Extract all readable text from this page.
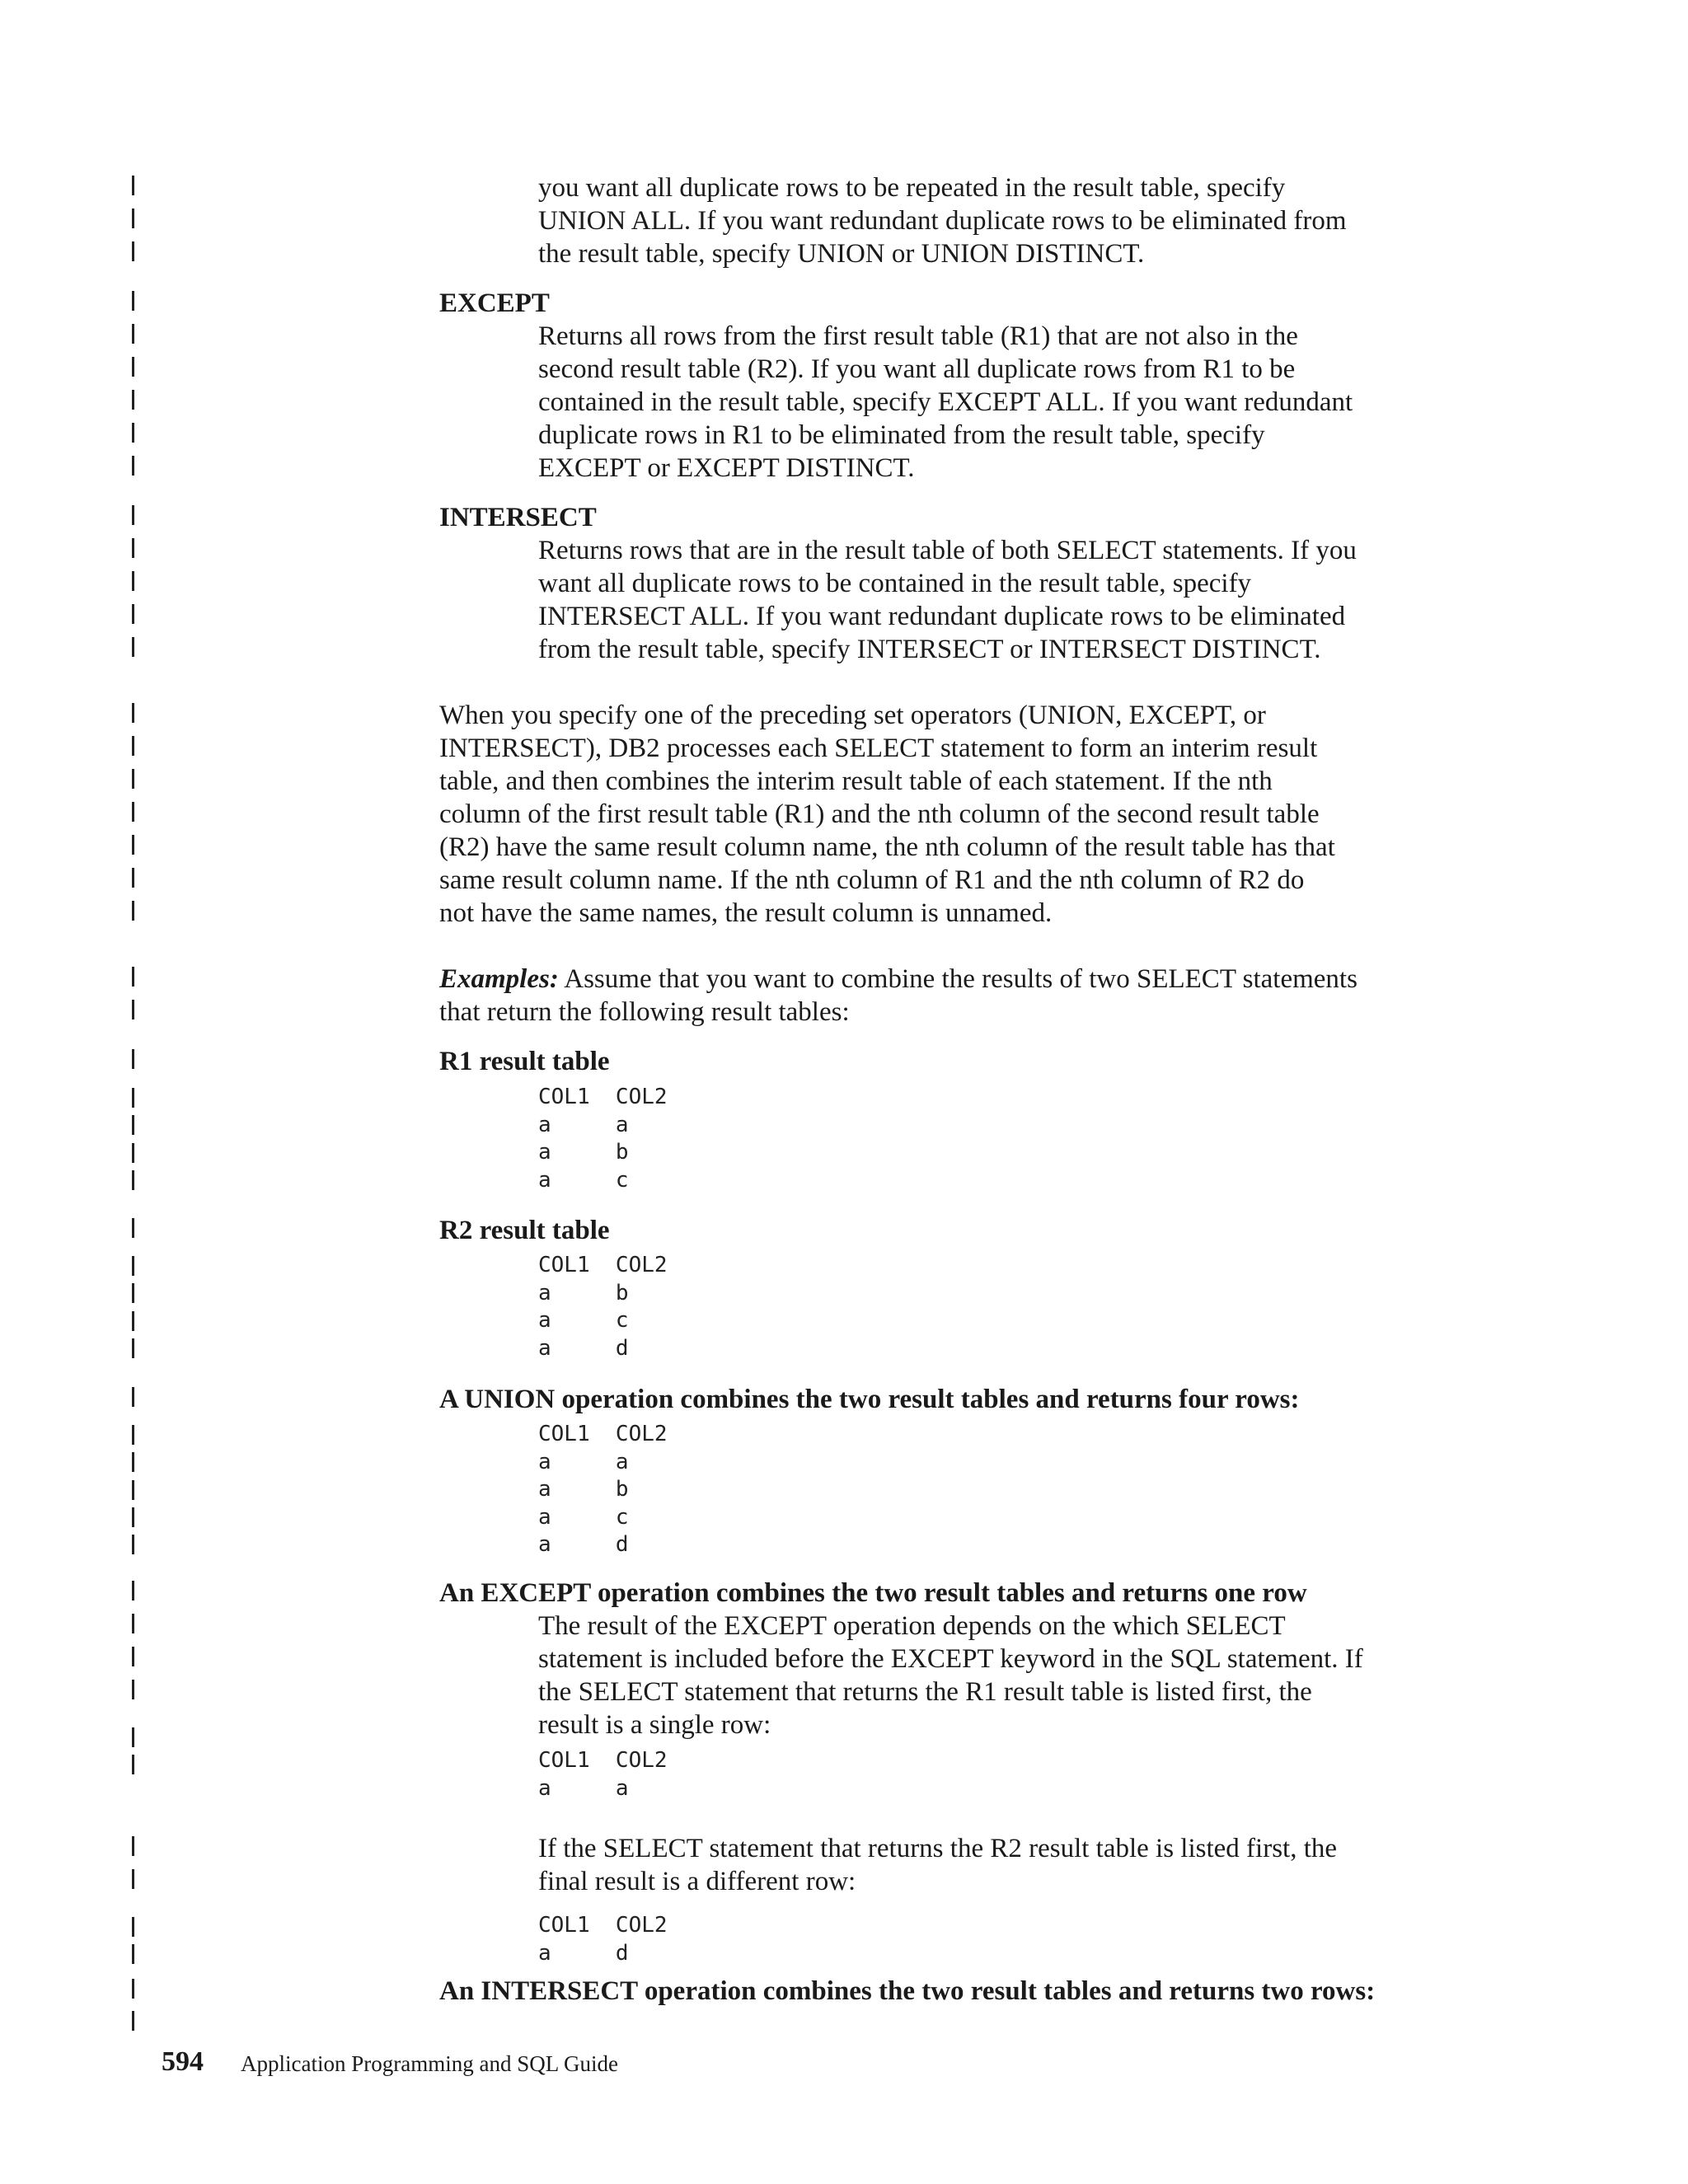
you want all duplicate rows to be repeated in the result table, specify

UNION ALL. If you want redundant duplicate rows to be eliminated from

the result table, specify UNION or UNION DISTINCT.

EXCEPT

Returns all rows from the first result table (R1) that are not also in the

second result table (R2). If you want all duplicate rows from R1 to be

contained in the result table, specify EXCEPT ALL. If you want redundant

duplicate rows in R1 to be eliminated from the result table, specify

EXCEPT or EXCEPT DISTINCT.

INTERSECT

Returns rows that are in the result table of both SELECT statements. If you

want all duplicate rows to be contained in the result table, specify

INTERSECT ALL. If you want redundant duplicate rows to be eliminated

from the result table, specify INTERSECT or INTERSECT DISTINCT.

When you specify one of the preceding set operators (UNION, EXCEPT, or

INTERSECT), DB2 processes each SELECT statement to form an interim result

table, and then combines the interim result table of each statement. If the nth

column of the first result table (R1) and the nth column of the second result table

(R2) have the same result column name, the nth column of the result table has that

same result column name. If the nth column of R1 and the nth column of R2 do

not have the same names, the result column is unnamed.

Examples: Assume that you want to combine the results of two SELECT statements

that return the following result tables:

R1 result table

COL1  COL2
a     a
a     b
a     c

R2 result table

COL1  COL2
a     b
a     c
a     d

A UNION operation combines the two result tables and returns four rows:

COL1  COL2
a     a
a     b
a     c
a     d

An EXCEPT operation combines the two result tables and returns one row

The result of the EXCEPT operation depends on the which SELECT

statement is included before the EXCEPT keyword in the SQL statement. If

the SELECT statement that returns the R1 result table is listed first, the

result is a single row:

COL1  COL2
a     a

If the SELECT statement that returns the R2 result table is listed first, the

final result is a different row:

COL1  COL2
a     d

An INTERSECT operation combines the two result tables and returns two rows:

594 Application Programming and SQL Guide
